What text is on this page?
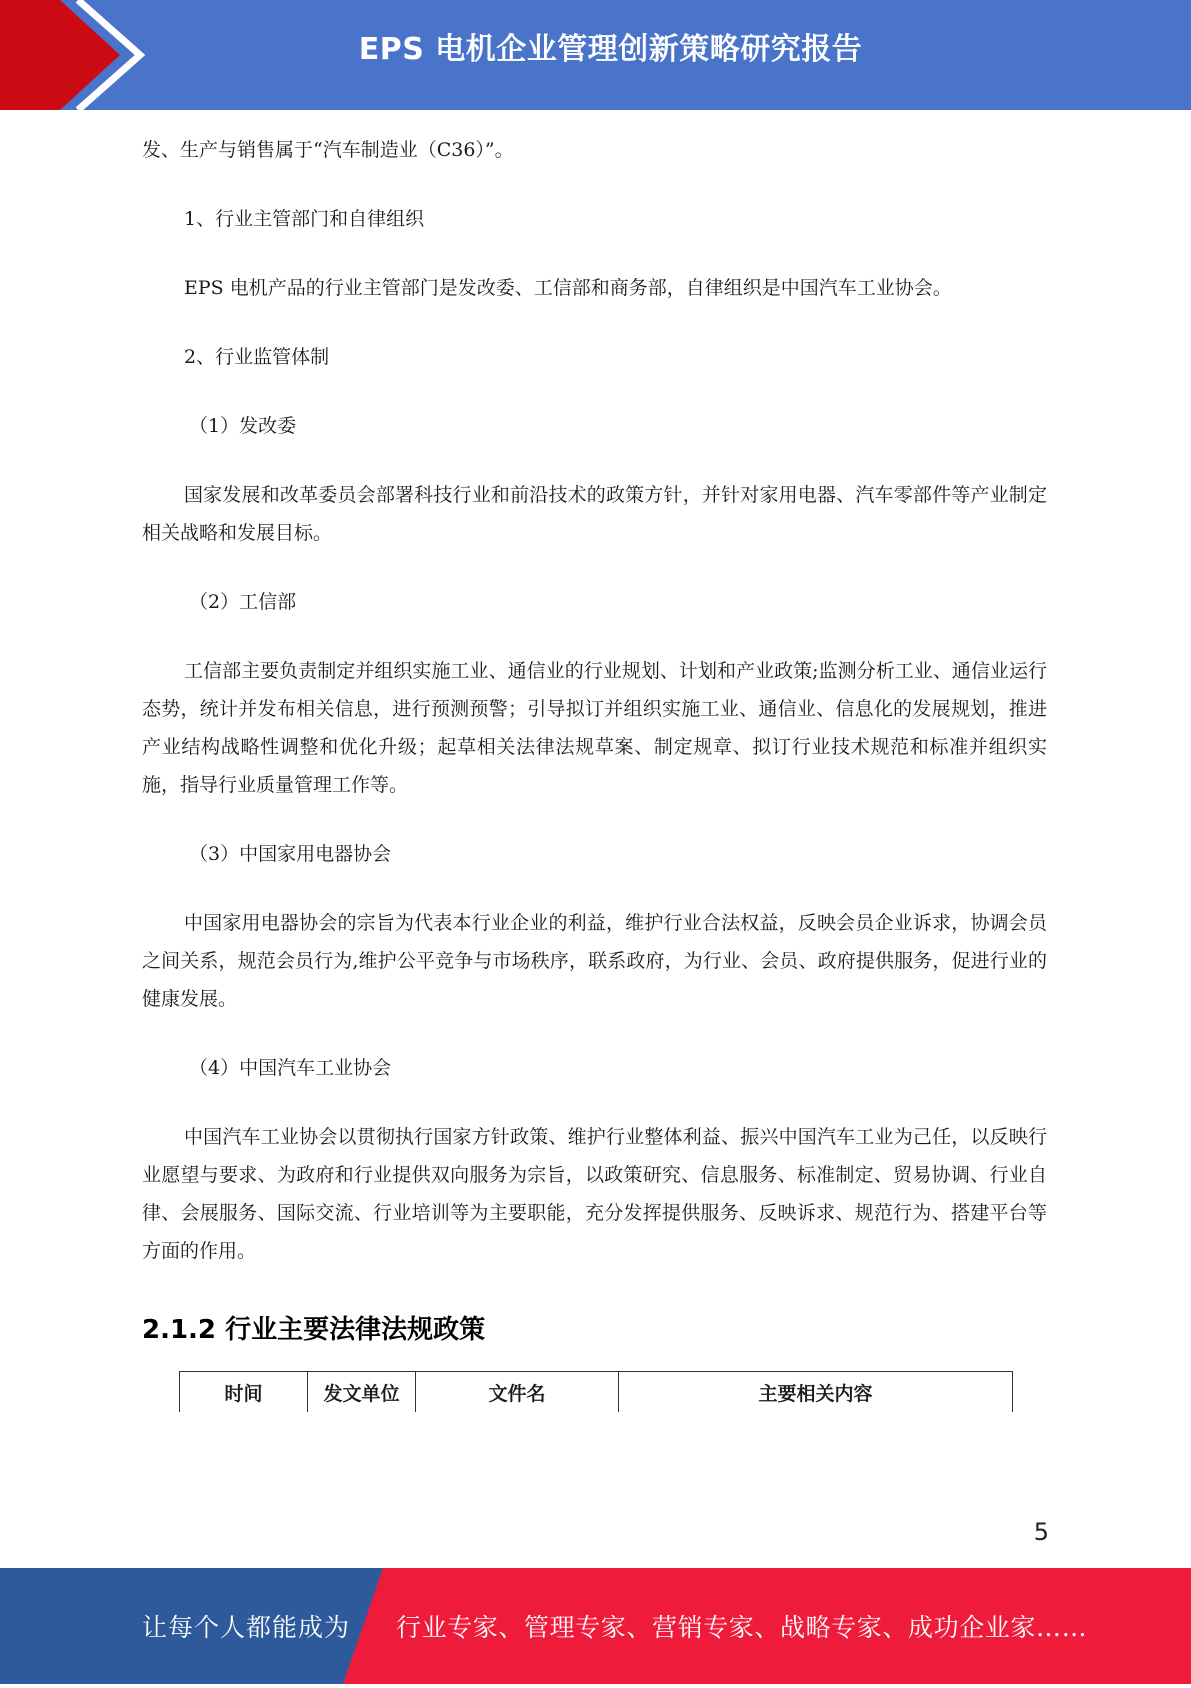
EPS 电机企业管理创新策略研究报告

发、生产与销售属于“汽车制造业（C36）”。

1、行业主管部门和自律组织

EPS 电机产品的行业主管部门是发改委、工信部和商务部，自律组织是中国汽车工业协会。

2、行业监管体制

（1）发改委

国家发展和改革委员会部署科技行业和前沿技术的政策方针，并针对家用电器、汽车零部件等产业制定相关战略和发展目标。

（2）工信部

工信部主要负责制定并组织实施工业、通信业的行业规划、计划和产业政策;监测分析工业、通信业运行态势，统计并发布相关信息，进行预测预警；引导拟订并组织实施工业、通信业、信息化的发展规划，推进产业结构战略性调整和优化升级；起草相关法律法规草案、制定规章、拟订行业技术规范和标准并组织实施，指导行业质量管理工作等。

（3）中国家用电器协会

中国家用电器协会的宗旨为代表本行业企业的利益，维护行业合法权益，反映会员企业诉求，协调会员之间关系，规范会员行为,维护公平竞争与市场秩序，联系政府，为行业、会员、政府提供服务，促进行业的健康发展。

（4）中国汽车工业协会

中国汽车工业协会以贯彻执行国家方针政策、维护行业整体利益、振兴中国汽车工业为己任，以反映行业愿望与要求、为政府和行业提供双向服务为宗旨，以政策研究、信息服务、标准制定、贸易协调、行业自律、会展服务、国际交流、行业培训等为主要职能，充分发挥提供服务、反映诉求、规范行为、搭建平台等方面的作用。

2.1.2 行业主要法律法规政策
时间	发文单位	文件名	主要相关内容
5
让每个人都能成为 行业专家、管理专家、营销专家、战略专家、成功企业家……
